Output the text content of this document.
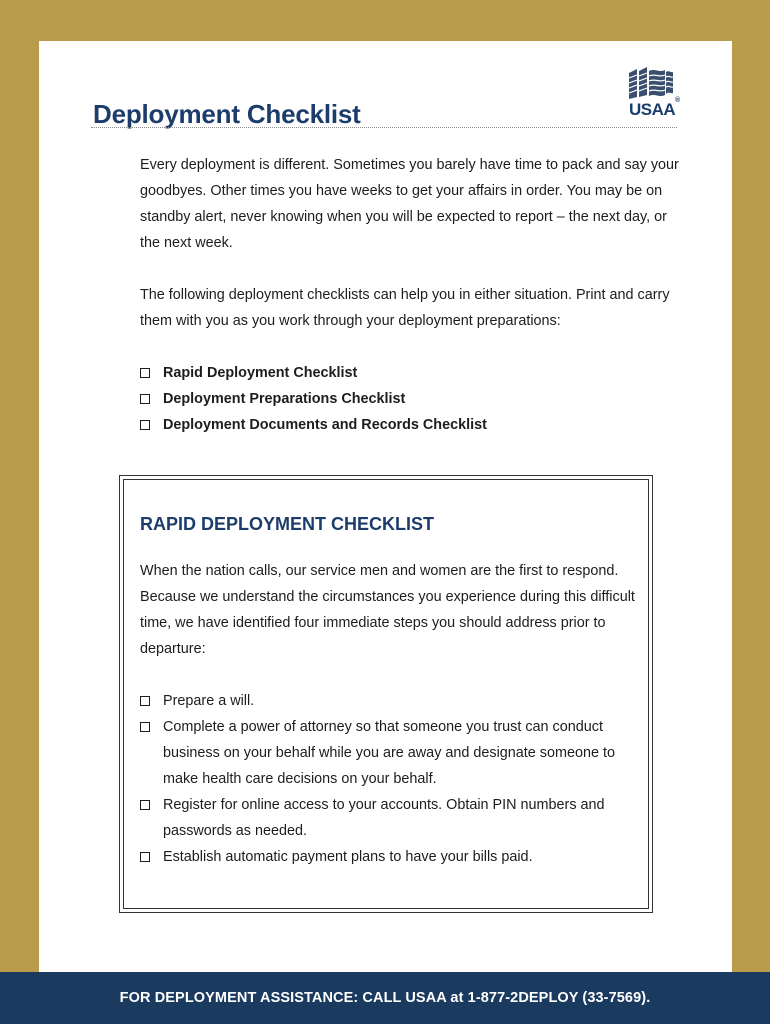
Deployment Checklist	USAA ®

Every deployment is different. Sometimes you barely have time to pack and say your goodbyes. Other times you have weeks to get your affairs in order. You may be on standby alert, never knowing when you will be expected to report – the next day, or the next week.

The following deployment checklists can help you in either situation. Print and carry them with you as you work through your deployment preparations:

Rapid Deployment Checklist
Deployment Preparations Checklist
Deployment Documents and Records Checklist
RAPID DEPLOYMENT CHECKLIST

When the nation calls, our service men and women are the first to respond. Because we understand the circumstances you experience during this difficult time, we have identified four immediate steps you should address prior to departure:

Prepare a will.
Complete a power of attorney so that someone you trust can conduct business on your behalf while you are away and designate someone to make health care decisions on your behalf.
Register for online access to your accounts. Obtain PIN numbers and passwords as needed.
Establish automatic payment plans to have your bills paid.
FOR DEPLOYMENT ASSISTANCE: CALL USAA at 1-877-2DEPLOY (33-7569).
